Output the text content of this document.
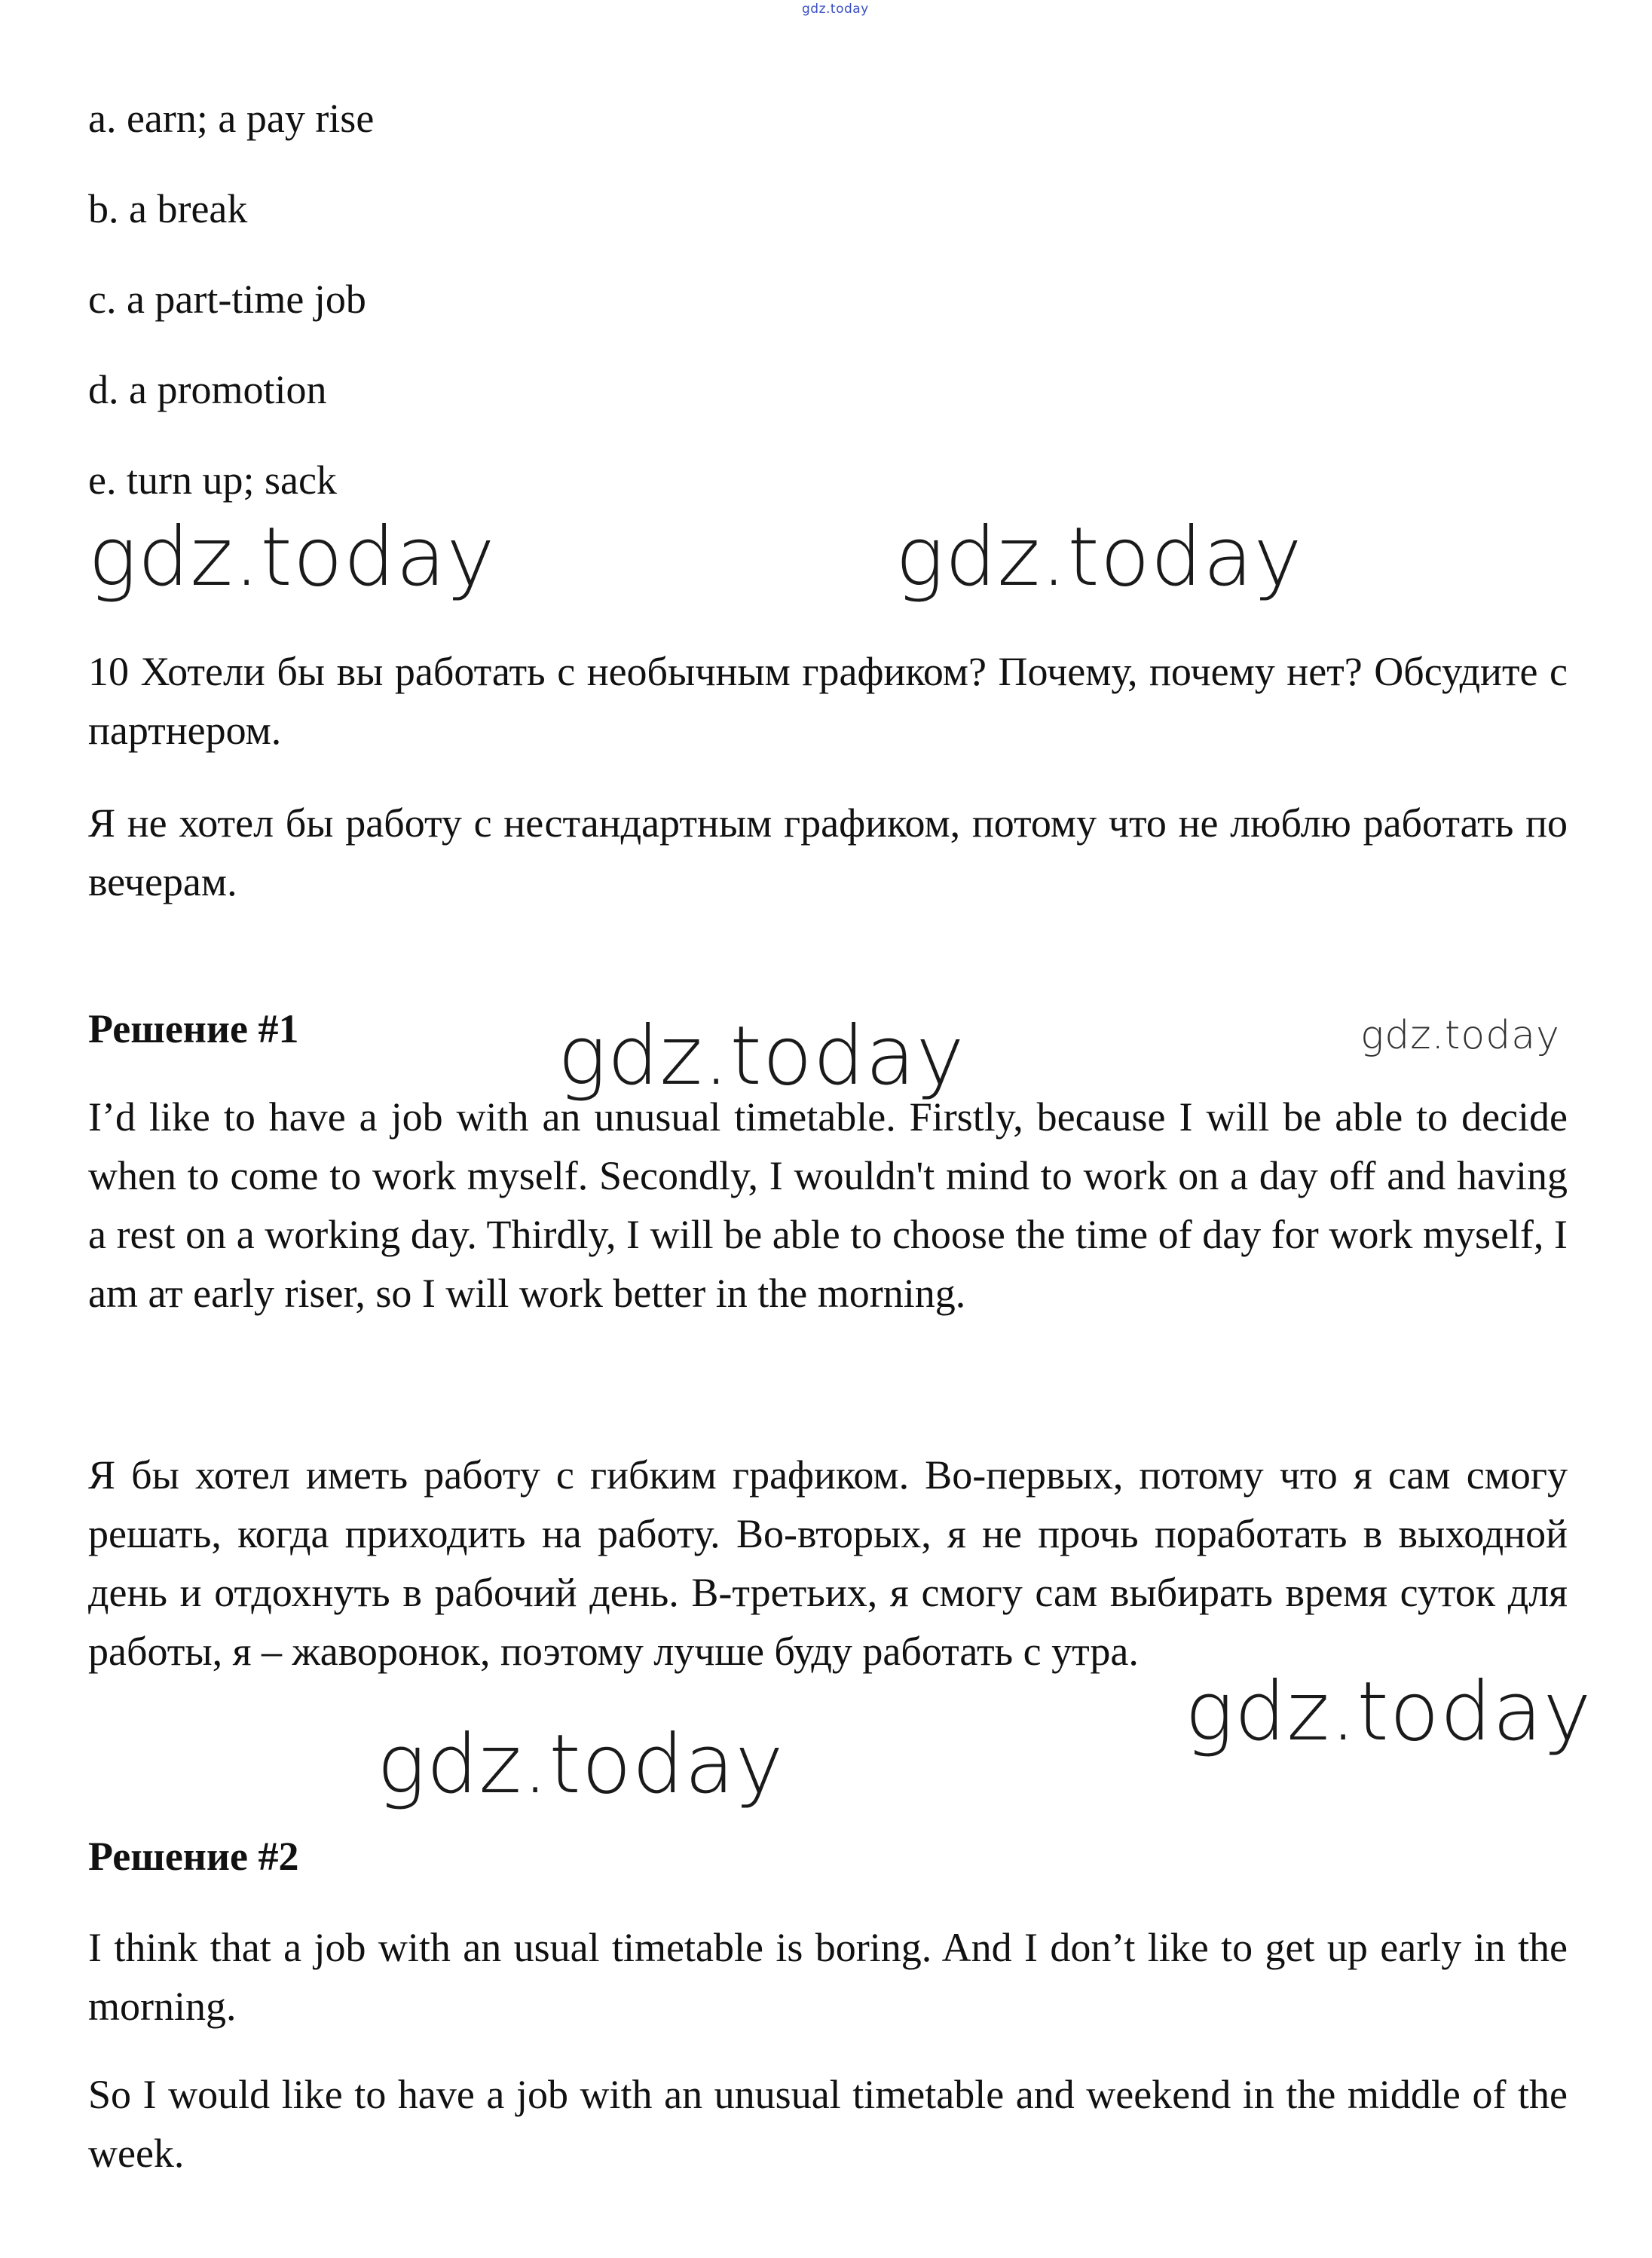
gdz.today
a. earn; a pay rise
b. a break
c. a part-time job
d. a promotion
e. turn up; sack
gdz.today	gdz.today
10 Хотели бы вы работать с необычным графиком? Почему, почему нет? Обсудите с партнером.
Я не хотел бы работу с нестандартным графиком, потому что не люблю работать по вечерам.
Решение #1	gdz.today	gdz.today
I’d like to have a job with an unusual timetable. Firstly, because I will be able to decide when to come to work myself. Secondly, I wouldn't mind to work on a day off and having a rest on a working day. Thirdly, I will be able to choose the time of day for work myself, I am ат early riser, so I will work better in the morning.
Я бы хотел иметь работу с гибким графиком. Во-первых, потому что я сам смогу решать, когда приходить на работу. Во-вторых, я не прочь поработать в выходной день и отдохнуть в рабочий день. В-третьих, я смогу сам выбирать время суток для работы, я – жаворонок, поэтому лучше буду работать с утра.
gdz.today
gdz.today
Решение #2
I think that a job with an usual timetable is boring. And I don’t like to get up early in the morning.
So I would like to have a job with an unusual timetable and weekend in the middle of the week.
